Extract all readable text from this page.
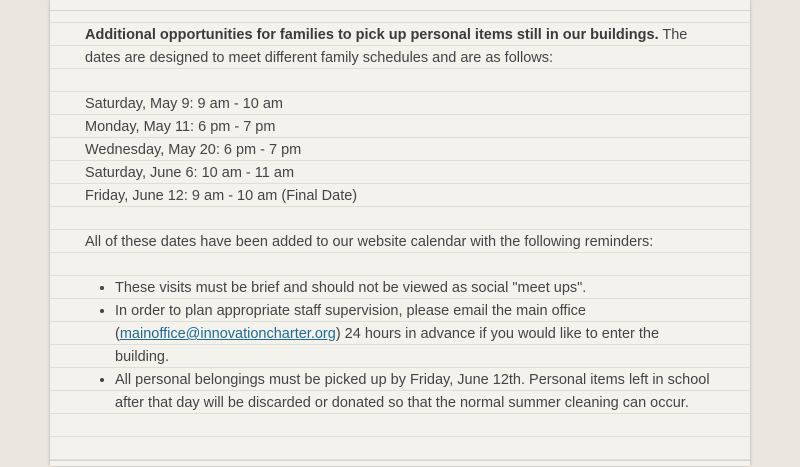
Additional opportunities for families to pick up personal items still in our buildings. The dates are designed to meet different family schedules and are as follows:

Saturday, May 9: 9 am - 10 am
Monday, May 11: 6 pm - 7 pm
Wednesday, May 20: 6 pm - 7 pm
Saturday, June 6: 10 am - 11 am
Friday, June 12: 9 am - 10 am (Final Date)

All of these dates have been added to our website calendar with the following reminders:

• These visits must be brief and should not be viewed as social "meet ups".
• In order to plan appropriate staff supervision, please email the main office (mainoffice@innovationcharter.org) 24 hours in advance if you would like to enter the building.
• All personal belongings must be picked up by Friday, June 12th. Personal items left in school after that day will be discarded or donated so that the normal summer cleaning can occur.
